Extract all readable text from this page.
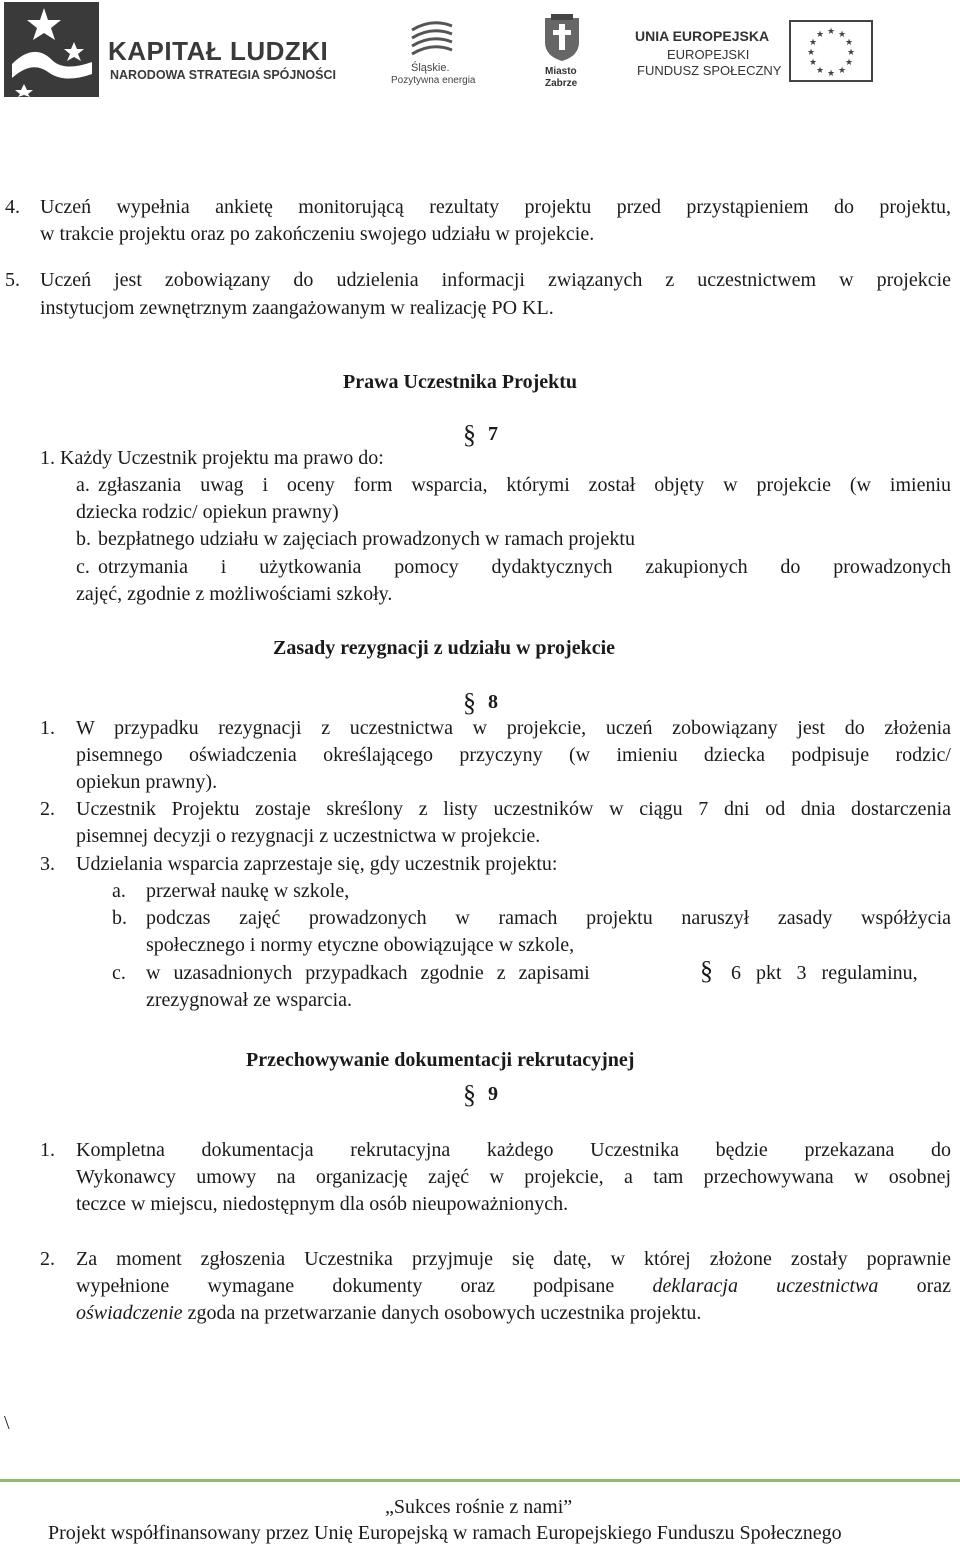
KAPITAŁ LUDZKI
NARODOWA STRATEGIA SPÓJNOŚCI	Śląskie.
Pozytywna energia
Miasto
Zabrze
UNIA EUROPEJSKA
EUROPEJSKI
FUNDUSZ SPOŁECZNY
★ ★
★
★
★
★
★
★
★
★
★
★
4. Uczeń wypełnia ankietę monitorującą rezultaty projektu przed przystąpieniem do projektu,
w trakcie projektu oraz po zakończeniu swojego udziału w projekcie.
5. Uczeń jest zobowiązany do udzielenia informacji związanych z uczestnictwem w projekcie
instytucjom zewnętrznym zaangażowanym w realizację PO KL.
Prawa Uczestnika Projektu
§ 7
1. Każdy Uczestnik projektu ma prawo do:
a. zgłaszania uwag i oceny form wsparcia, którymi został objęty w projekcie (w imieniu
dziecka rodzic/ opiekun prawny)
b. bezpłatnego udziału w zajęciach prowadzonych w ramach projektu
c. otrzymania i użytkowania pomocy dydaktycznych zakupionych do prowadzonych
zajęć, zgodnie z możliwościami szkoły.
Zasady rezygnacji z udziału w projekcie
§ 8
1. W przypadku rezygnacji z uczestnictwa w projekcie, uczeń zobowiązany jest do złożenia
pisemnego oświadczenia określającego przyczyny (w imieniu dziecka podpisuje rodzic/
opiekun prawny).
2. Uczestnik Projektu zostaje skreślony z listy uczestników w ciągu 7 dni od dnia dostarczenia
pisemnej decyzji o rezygnacji z uczestnictwa w projekcie.
3. Udzielania wsparcia zaprzestaje się, gdy uczestnik projektu:
a. przerwał naukę w szkole,
b. podczas zajęć prowadzonych w ramach projektu naruszył zasady współżycia
społecznego i normy etyczne obowiązujące w szkole,
c. w uzasadnionych przypadkach zgodnie z zapisami	§ 6 pkt 3 regulaminu,
zrezygnował ze wsparcia.
Przechowywanie dokumentacji rekrutacyjnej
§ 9
1. Kompletna dokumentacja rekrutacyjna każdego Uczestnika będzie przekazana do
Wykonawcy umowy na organizację zajęć w projekcie, a tam przechowywana w osobnej
teczce w miejscu, niedostępnym dla osób nieupoważnionych.
2. Za moment zgłoszenia Uczestnika przyjmuje się datę, w której złożone zostały poprawnie
wypełnione wymagane dokumenty oraz podpisane deklaracja uczestnictwa oraz
oświadczenie zgoda na przetwarzanie danych osobowych uczestnika projektu.
\
„Sukces rośnie z nami”
Projekt współfinansowany przez Unię Europejską w ramach Europejskiego Funduszu Społecznego
